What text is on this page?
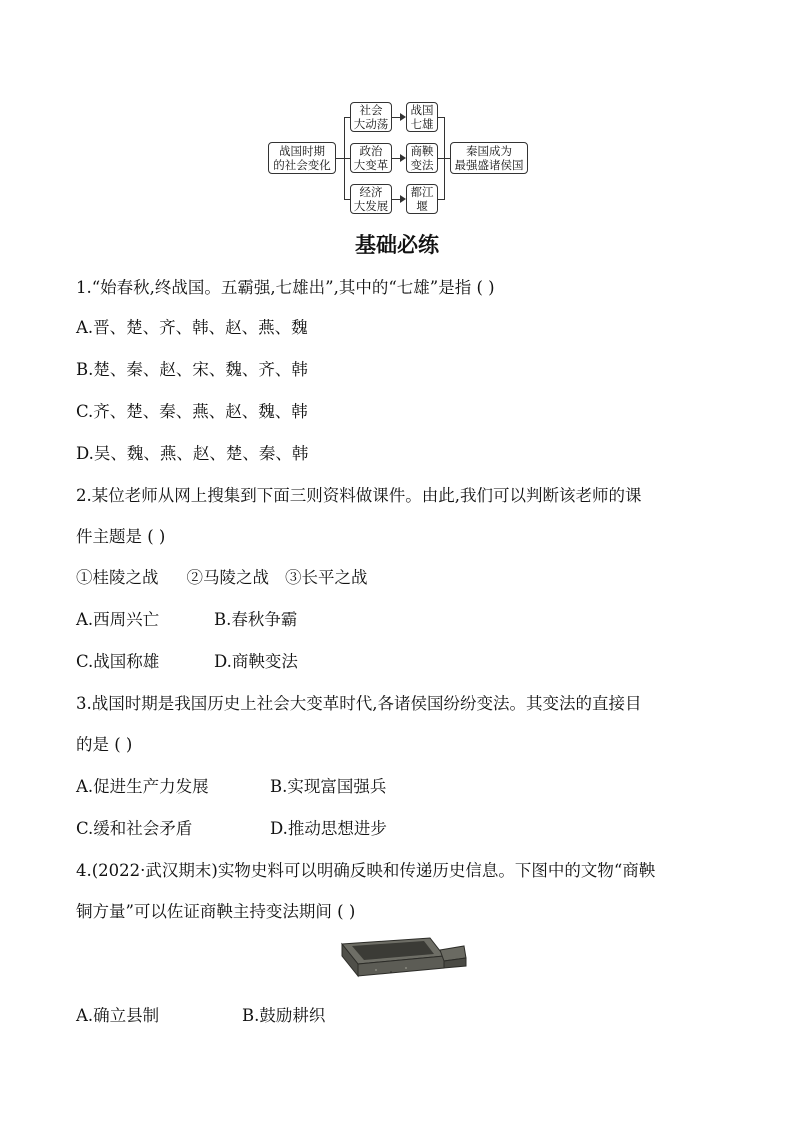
战国时期
的社会变化
社会
大动荡
政治
大变革
经济
大发展
战国
七雄
商鞅
变法
都江
堰
秦国成为
最强盛诸侯国
基础必练
1.“始春秋,终战国。五霸强,七雄出”,其中的“七雄”是指 ( )
A.晋、楚、齐、韩、赵、燕、魏
B.楚、秦、赵、宋、魏、齐、韩
C.齐、楚、秦、燕、赵、魏、韩
D.吴、魏、燕、赵、楚、秦、韩
2.某位老师从网上搜集到下面三则资料做课件。由此,我们可以判断该老师的课
件主题是 ( )
①桂陵之战 ②马陵之战 ③长平之战
A.西周兴亡	B.春秋争霸
C.战国称雄	D.商鞅变法
3.战国时期是我国历史上社会大变革时代,各诸侯国纷纷变法。其变法的直接目
的是 ( )
A.促进生产力发展	B.实现富国强兵
C.缓和社会矛盾	D.推动思想进步
4.(2022·武汉期末)实物史料可以明确反映和传递历史信息。下图中的文物“商鞅
铜方量”可以佐证商鞅主持变法期间 ( )
A.确立县制	B.鼓励耕织
